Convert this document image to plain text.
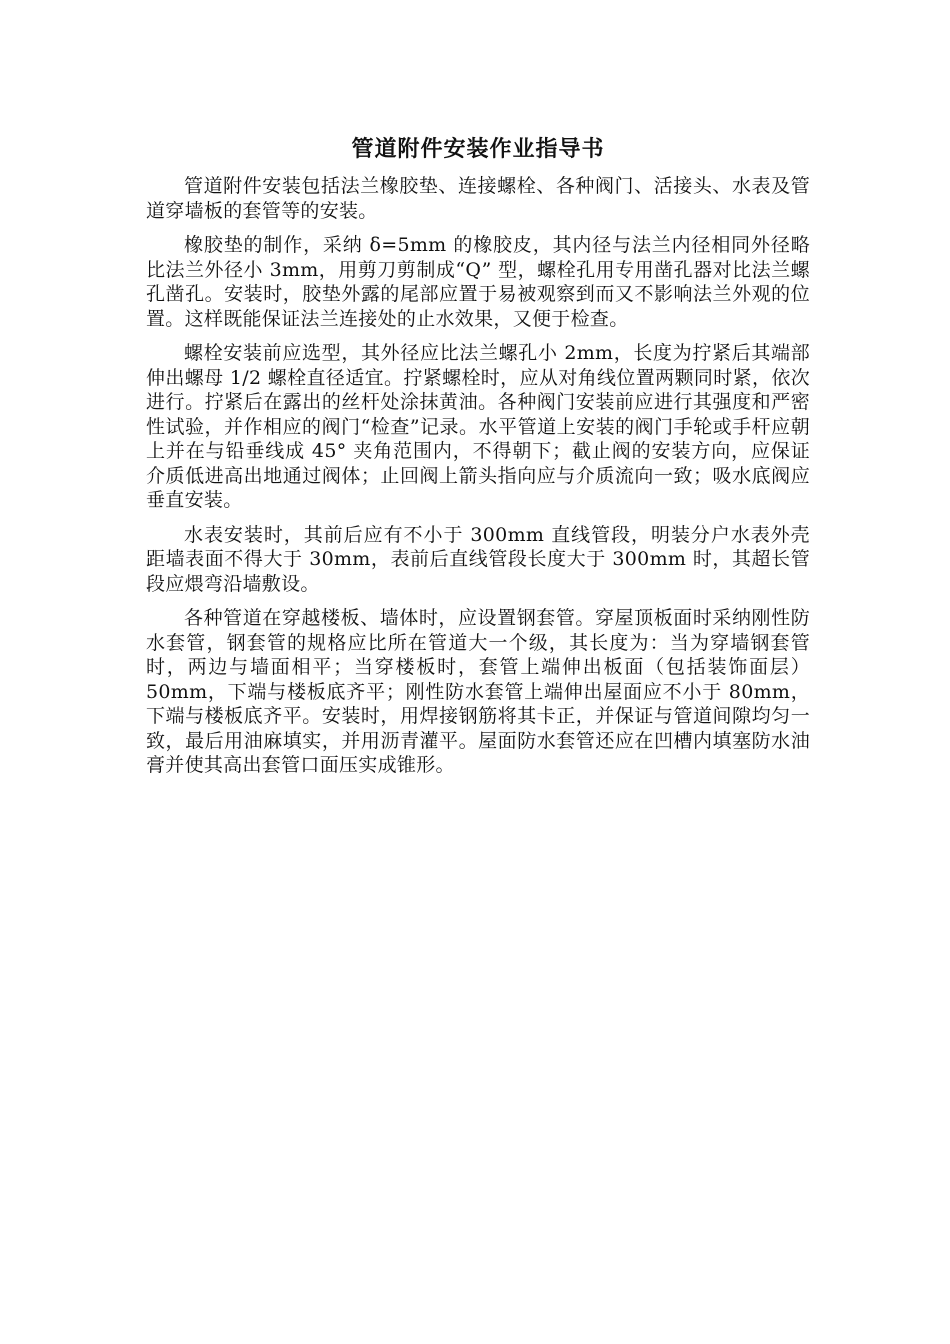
管道附件安装作业指导书

管道附件安装包括法兰橡胶垫、连接螺栓、各种阀门、活接头、水表及管道穿墙板的套管等的安装。

橡胶垫的制作，采纳 δ=5mm 的橡胶皮，其内径与法兰内径相同外径略比法兰外径小 3mm，用剪刀剪制成“Q” 型，螺栓孔用专用凿孔器对比法兰螺孔凿孔。安装时，胶垫外露的尾部应置于易被观察到而又不影响法兰外观的位置。这样既能保证法兰连接处的止水效果，又便于检查。

螺栓安装前应选型，其外径应比法兰螺孔小 2mm，长度为拧紧后其端部伸出螺母 1/2 螺栓直径适宜。拧紧螺栓时，应从对角线位置两颗同时紧，依次进行。拧紧后在露出的丝杆处涂抹黄油。各种阀门安装前应进行其强度和严密性试验，并作相应的阀门“检查”记录。水平管道上安装的阀门手轮或手杆应朝上并在与铅垂线成 45° 夹角范围内，不得朝下；截止阀的安装方向，应保证介质低进高出地通过阀体；止回阀上箭头指向应与介质流向一致；吸水底阀应垂直安装。

水表安装时，其前后应有不小于 300mm 直线管段，明装分户水表外壳距墙表面不得大于 30mm，表前后直线管段长度大于 300mm 时，其超长管段应煨弯沿墙敷设。

各种管道在穿越楼板、墙体时，应设置钢套管。穿屋顶板面时采纳刚性防水套管，钢套管的规格应比所在管道大一个级，其长度为：当为穿墙钢套管时，两边与墙面相平；当穿楼板时，套管上端伸出板面（包括装饰面层）50mm，下端与楼板底齐平；刚性防水套管上端伸出屋面应不小于 80mm，下端与楼板底齐平。安装时，用焊接钢筋将其卡正，并保证与管道间隙均匀一致，最后用油麻填实，并用沥青灌平。屋面防水套管还应在凹槽内填塞防水油膏并使其高出套管口面压实成锥形。
